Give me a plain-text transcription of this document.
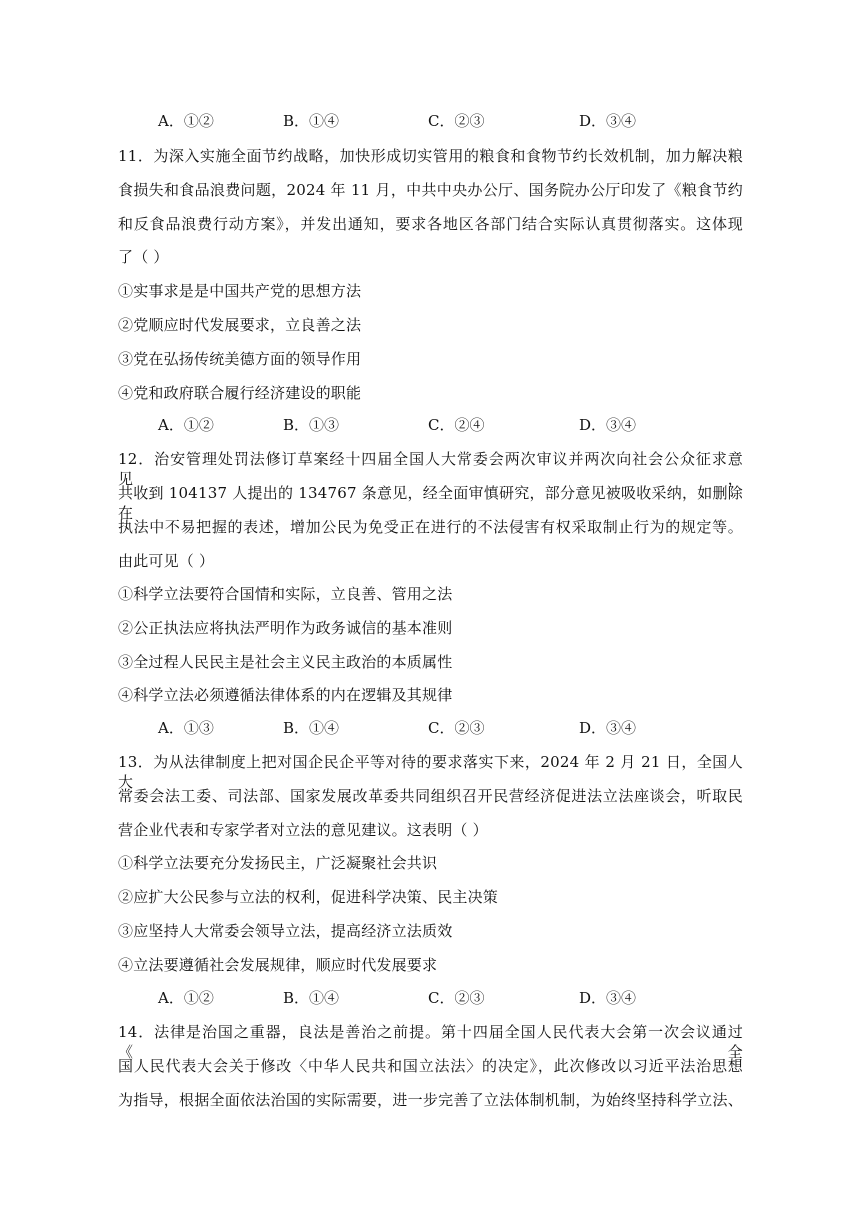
A．①②	B．①④	C．②③	D．③④
11．为深入实施全面节约战略，加快形成切实管用的粮食和食物节约长效机制，加力解决粮
食损失和食品浪费问题，2024 年 11 月，中共中央办公厅、国务院办公厅印发了《粮食节约
和反食品浪费行动方案》，并发出通知，要求各地区各部门结合实际认真贯彻落实。这体现
了（ ）
①实事求是是中国共产党的思想方法
②党顺应时代发展要求，立良善之法
③党在弘扬传统美德方面的领导作用
④党和政府联合履行经济建设的职能
A．①②	B．①③	C．②④	D．③④
12．治安管理处罚法修订草案经十四届全国人大常委会两次审议并两次向社会公众征求意见，
共收到 104137 人提出的 134767 条意见，经全面审慎研究，部分意见被吸收采纳，如删除在
执法中不易把握的表述，增加公民为免受正在进行的不法侵害有权采取制止行为的规定等。
由此可见（ ）
①科学立法要符合国情和实际，立良善、管用之法
②公正执法应将执法严明作为政务诚信的基本准则
③全过程人民民主是社会主义民主政治的本质属性
④科学立法必须遵循法律体系的内在逻辑及其规律
A．①③	B．①④	C．②③	D．③④
13．为从法律制度上把对国企民企平等对待的要求落实下来，2024 年 2 月 21 日，全国人大
常委会法工委、司法部、国家发展改革委共同组织召开民营经济促进法立法座谈会，听取民
营企业代表和专家学者对立法的意见建议。这表明（ ）
①科学立法要充分发扬民主，广泛凝聚社会共识
②应扩大公民参与立法的权利，促进科学决策、民主决策
③应坚持人大常委会领导立法，提高经济立法质效
④立法要遵循社会发展规律，顺应时代发展要求
A．①②	B．①④	C．②③	D．③④
14．法律是治国之重器，良法是善治之前提。第十四届全国人民代表大会第一次会议通过《全
国人民代表大会关于修改〈中华人民共和国立法法〉的决定》，此次修改以习近平法治思想
为指导，根据全面依法治国的实际需要，进一步完善了立法体制机制，为始终坚持科学立法、
